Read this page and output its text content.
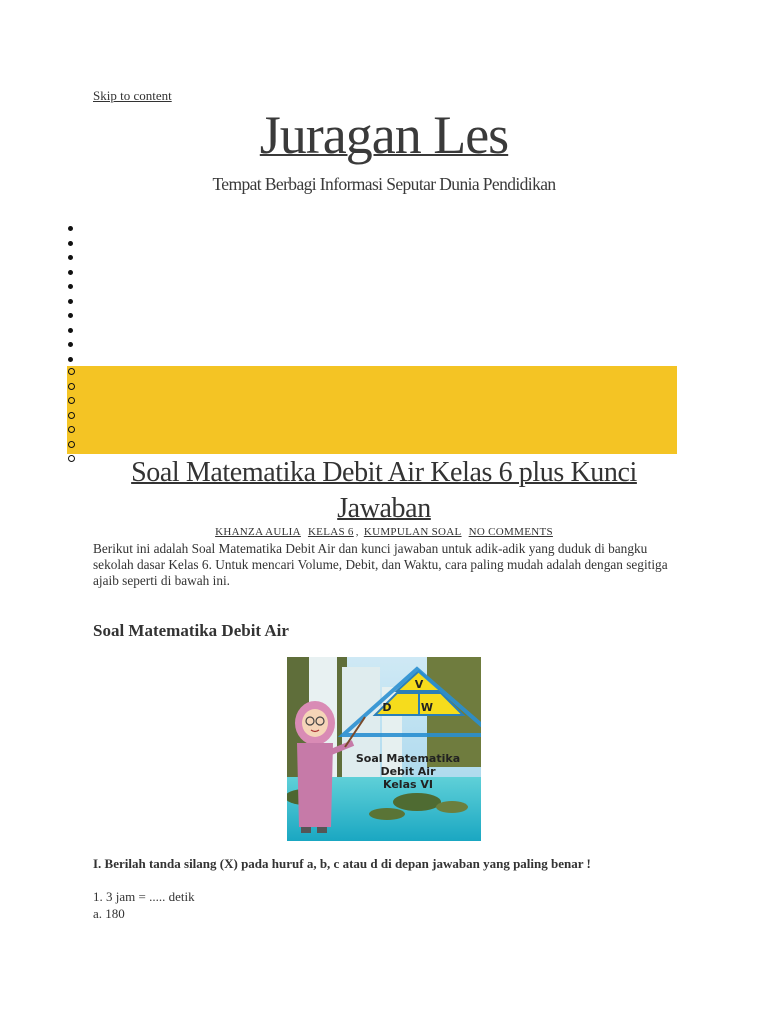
Skip to content
Juragan Les
Tempat Berbagi Informasi Seputar Dunia Pendidikan
Soal Matematika Debit Air Kelas 6 plus Kunci Jawaban
KHANZA AULIA KELAS 6 , KUMPULAN SOAL NO COMMENTS

Berikut ini adalah Soal Matematika Debit Air dan kunci jawaban untuk adik-adik yang duduk di bangku sekolah dasar Kelas 6. Untuk mencari Volume, Debit, dan Waktu, cara paling mudah adalah dengan segitiga ajaib seperti di bawah ini.

Soal Matematika Debit Air
V
D	W
Soal Matematika
Debit Air
Kelas VI

I. Berilah tanda silang (X) pada huruf a, b, c atau d di depan jawaban yang paling benar !

1. 3 jam = ..... detik

a. 180
